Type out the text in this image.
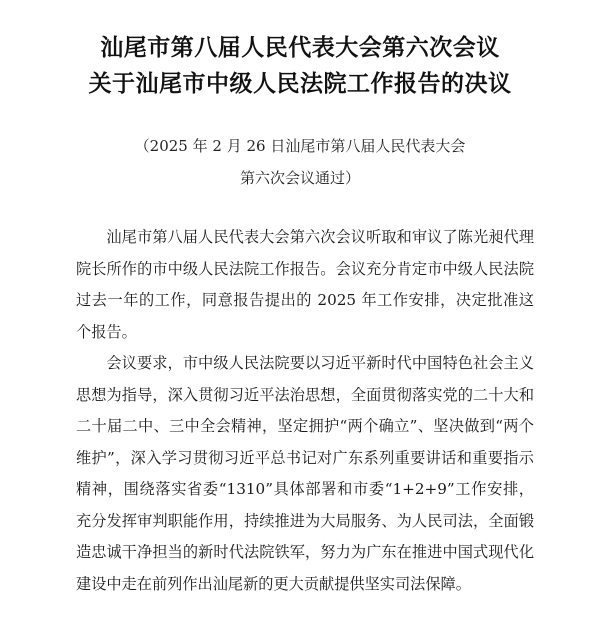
汕尾市第八届人民代表大会第六次会议
关于汕尾市中级人民法院工作报告的决议
（2025 年 2 月 26 日汕尾市第八届人民代表大会
第六次会议通过）

汕尾市第八届人民代表大会第六次会议听取和审议了陈光昶代理院长所作的市中级人民法院工作报告。会议充分肯定市中级人民法院过去一年的工作，同意报告提出的 2025 年工作安排，决定批准这个报告。

会议要求，市中级人民法院要以习近平新时代中国特色社会主义思想为指导，深入贯彻习近平法治思想，全面贯彻落实党的二十大和二十届二中、三中全会精神，坚定拥护“两个确立”、坚决做到“两个维护”，深入学习贯彻习近平总书记对广东系列重要讲话和重要指示精神，围绕落实省委“1310”具体部署和市委“1+2+9”工作安排，充分发挥审判职能作用，持续推进为大局服务、为人民司法，全面锻造忠诚干净担当的新时代法院铁军，努力为广东在推进中国式现代化建设中走在前列作出汕尾新的更大贡献提供坚实司法保障。
